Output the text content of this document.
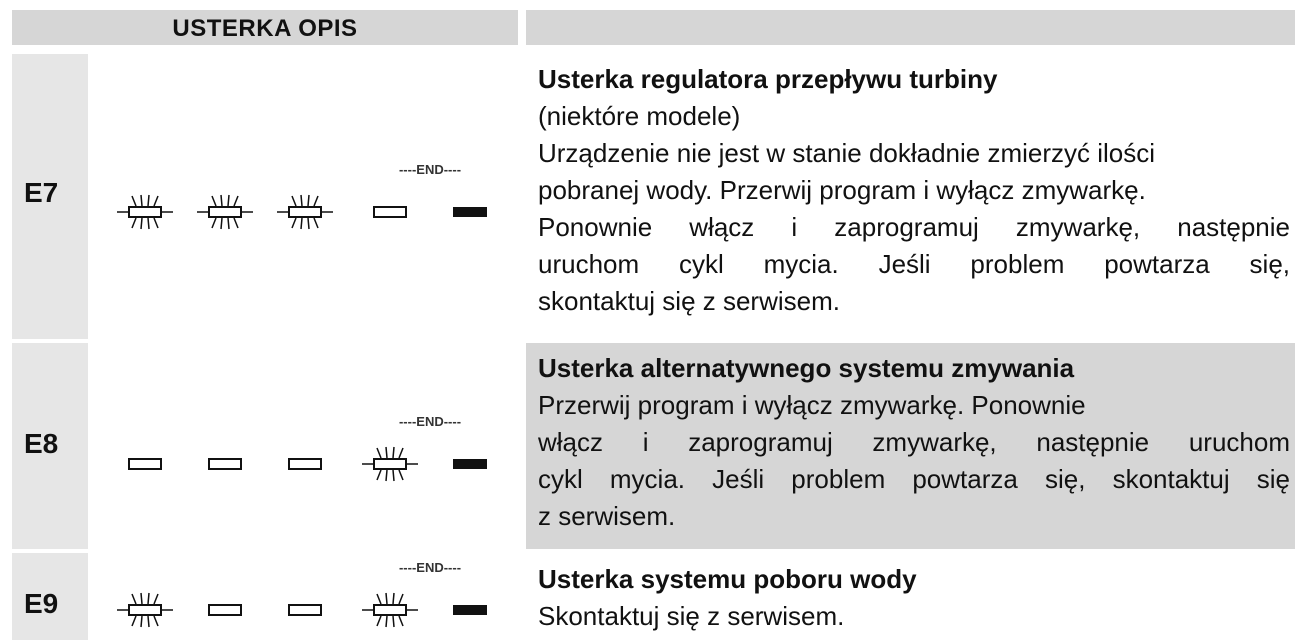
USTERKA OPIS
E7
----END----
Usterka regulatora przepływu turbiny
(niektóre modele)
Urządzenie nie jest w stanie dokładnie zmierzyć ilości
pobranej wody. Przerwij program i wyłącz zmywarkę.
Ponownie włącz i zaprogramuj zmywarkę, następnie
uruchom cykl mycia. Jeśli problem powtarza się,
skontaktuj się z serwisem.
E8
----END----
Usterka alternatywnego systemu zmywania
Przerwij program i wyłącz zmywarkę. Ponownie
włącz i zaprogramuj zmywarkę, następnie uruchom
cykl mycia. Jeśli problem powtarza się, skontaktuj się
z serwisem.
E9
----END----	Usterka systemu poboru wody
Skontaktuj się z serwisem.
